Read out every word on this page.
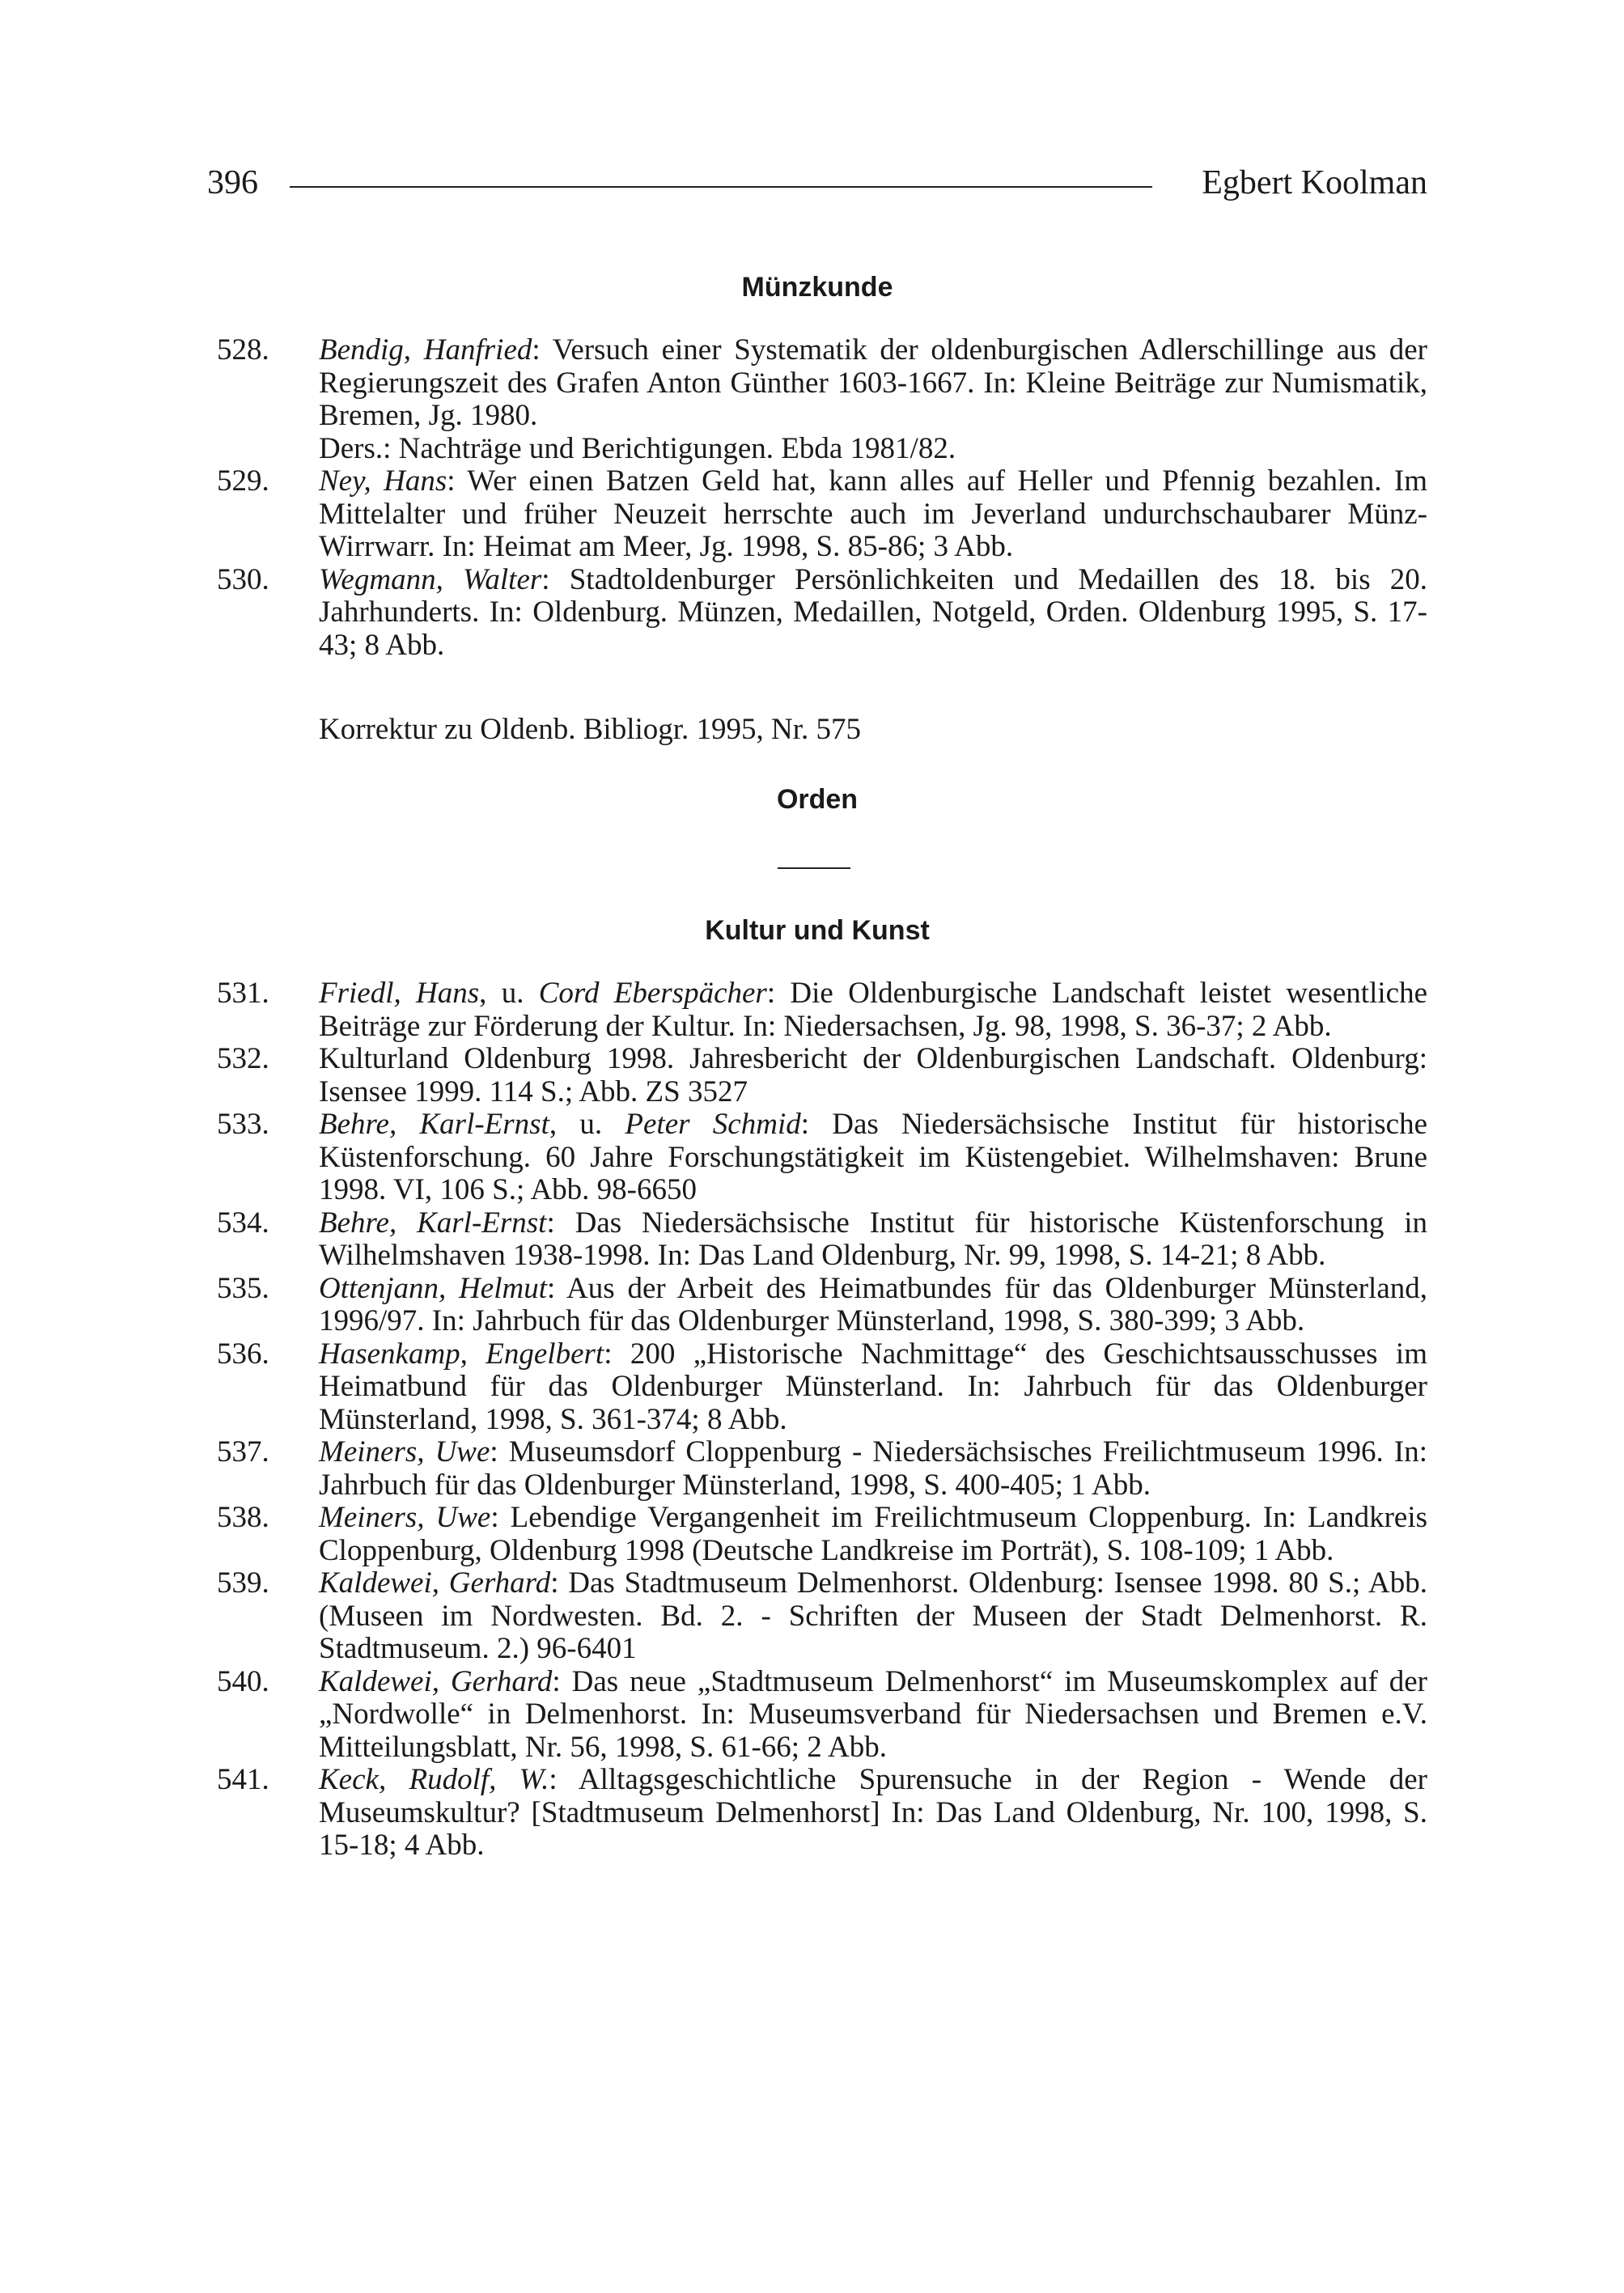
396	Egbert Koolman
Münzkunde
528. Bendig, Hanfried: Versuch einer Systematik der oldenburgischen Adlerschillinge aus der Regierungszeit des Grafen Anton Günther 1603-1667. In: Kleine Beiträge zur Numismatik, Bremen, Jg. 1980.
Ders.: Nachträge und Berichtigungen. Ebda 1981/82.
529. Ney, Hans: Wer einen Batzen Geld hat, kann alles auf Heller und Pfennig bezahlen. Im Mittelalter und früher Neuzeit herrschte auch im Jeverland undurchschaubarer Münz-Wirrwarr. In: Heimat am Meer, Jg. 1998, S. 85-86; 3 Abb.
530. Wegmann, Walter: Stadtoldenburger Persönlichkeiten und Medaillen des 18. bis 20. Jahrhunderts. In: Oldenburg. Münzen, Medaillen, Notgeld, Orden. Oldenburg 1995, S. 17-43; 8 Abb.
Korrektur zu Oldenb. Bibliogr. 1995, Nr. 575
Orden
Kultur und Kunst
531. Friedl, Hans, u. Cord Eberspächer: Die Oldenburgische Landschaft leistet wesentliche Beiträge zur Förderung der Kultur. In: Niedersachsen, Jg. 98, 1998, S. 36-37; 2 Abb.
532. Kulturland Oldenburg 1998. Jahresbericht der Oldenburgischen Landschaft. Oldenburg: Isensee 1999. 114 S.; Abb. ZS 3527
533. Behre, Karl-Ernst, u. Peter Schmid: Das Niedersächsische Institut für historische Küstenforschung. 60 Jahre Forschungstätigkeit im Küstengebiet. Wilhelmshaven: Brune 1998. VI, 106 S.; Abb. 98-6650
534. Behre, Karl-Ernst: Das Niedersächsische Institut für historische Küstenforschung in Wilhelmshaven 1938-1998. In: Das Land Oldenburg, Nr. 99, 1998, S. 14-21; 8 Abb.
535. Ottenjann, Helmut: Aus der Arbeit des Heimatbundes für das Oldenburger Münsterland, 1996/97. In: Jahrbuch für das Oldenburger Münsterland, 1998, S. 380-399; 3 Abb.
536. Hasenkamp, Engelbert: 200 „Historische Nachmittage“ des Geschichtsausschusses im Heimatbund für das Oldenburger Münsterland. In: Jahrbuch für das Oldenburger Münsterland, 1998, S. 361-374; 8 Abb.
537. Meiners, Uwe: Museumsdorf Cloppenburg - Niedersächsisches Freilichtmuseum 1996. In: Jahrbuch für das Oldenburger Münsterland, 1998, S. 400-405; 1 Abb.
538. Meiners, Uwe: Lebendige Vergangenheit im Freilichtmuseum Cloppenburg. In: Landkreis Cloppenburg, Oldenburg 1998 (Deutsche Landkreise im Porträt), S. 108-109; 1 Abb.
539. Kaldewei, Gerhard: Das Stadtmuseum Delmenhorst. Oldenburg: Isensee 1998. 80 S.; Abb. (Museen im Nordwesten. Bd. 2. - Schriften der Museen der Stadt Delmenhorst. R. Stadtmuseum. 2.) 96-6401
540. Kaldewei, Gerhard: Das neue „Stadtmuseum Delmenhorst“ im Museumskomplex auf der „Nordwolle“ in Delmenhorst. In: Museumsverband für Niedersachsen und Bremen e.V. Mitteilungsblatt, Nr. 56, 1998, S. 61-66; 2 Abb.
541. Keck, Rudolf, W.: Alltagsgeschichtliche Spurensuche in der Region - Wende der Museumskultur? [Stadtmuseum Delmenhorst] In: Das Land Oldenburg, Nr. 100, 1998, S. 15-18; 4 Abb.
